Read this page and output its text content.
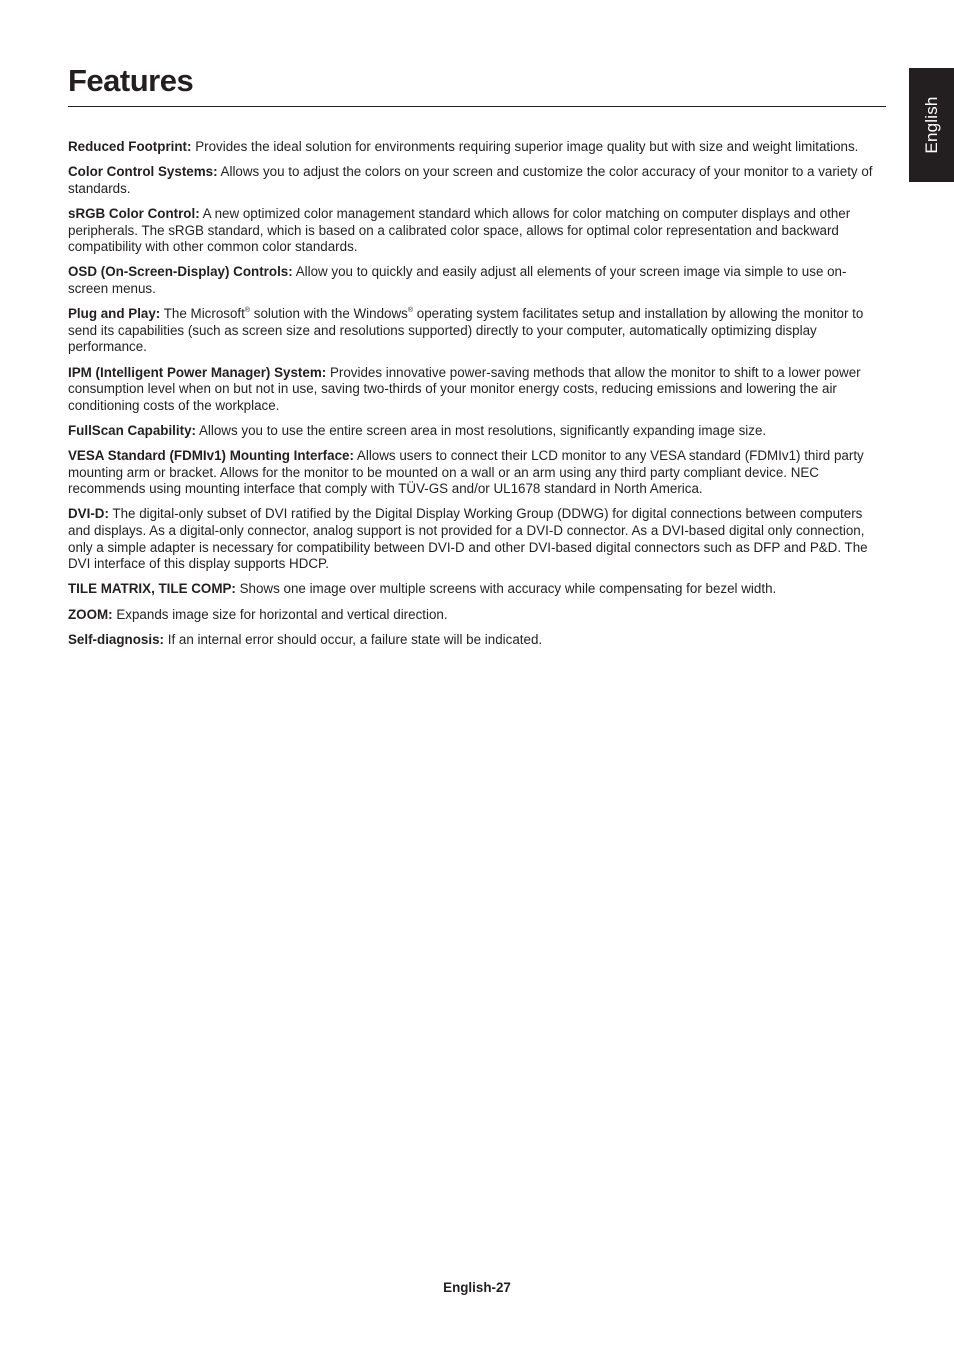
Features
English

Reduced Footprint: Provides the ideal solution for environments requiring superior image quality but with size and weight limitations.

Color Control Systems: Allows you to adjust the colors on your screen and customize the color accuracy of your monitor to a variety of standards.

sRGB Color Control: A new optimized color management standard which allows for color matching on computer displays and other peripherals. The sRGB standard, which is based on a calibrated color space, allows for optimal color representation and backward compatibility with other common color standards.

OSD (On-Screen-Display) Controls: Allow you to quickly and easily adjust all elements of your screen image via simple to use on-screen menus.

Plug and Play: The Microsoft® solution with the Windows® operating system facilitates setup and installation by allowing the monitor to send its capabilities (such as screen size and resolutions supported) directly to your computer, automatically optimizing display performance.

IPM (Intelligent Power Manager) System: Provides innovative power-saving methods that allow the monitor to shift to a lower power consumption level when on but not in use, saving two-thirds of your monitor energy costs, reducing emissions and lowering the air conditioning costs of the workplace.

FullScan Capability: Allows you to use the entire screen area in most resolutions, significantly expanding image size.

VESA Standard (FDMIv1) Mounting Interface: Allows users to connect their LCD monitor to any VESA standard (FDMIv1) third party mounting arm or bracket. Allows for the monitor to be mounted on a wall or an arm using any third party compliant device. NEC recommends using mounting interface that comply with TÜV-GS and/or UL1678 standard in North America.

DVI-D: The digital-only subset of DVI ratified by the Digital Display Working Group (DDWG) for digital connections between computers and displays. As a digital-only connector, analog support is not provided for a DVI-D connector. As a DVI-based digital only connection, only a simple adapter is necessary for compatibility between DVI-D and other DVI-based digital connectors such as DFP and P&D. The DVI interface of this display supports HDCP.

TILE MATRIX, TILE COMP: Shows one image over multiple screens with accuracy while compensating for bezel width.

ZOOM: Expands image size for horizontal and vertical direction.

Self-diagnosis: If an internal error should occur, a failure state will be indicated.

English-27
